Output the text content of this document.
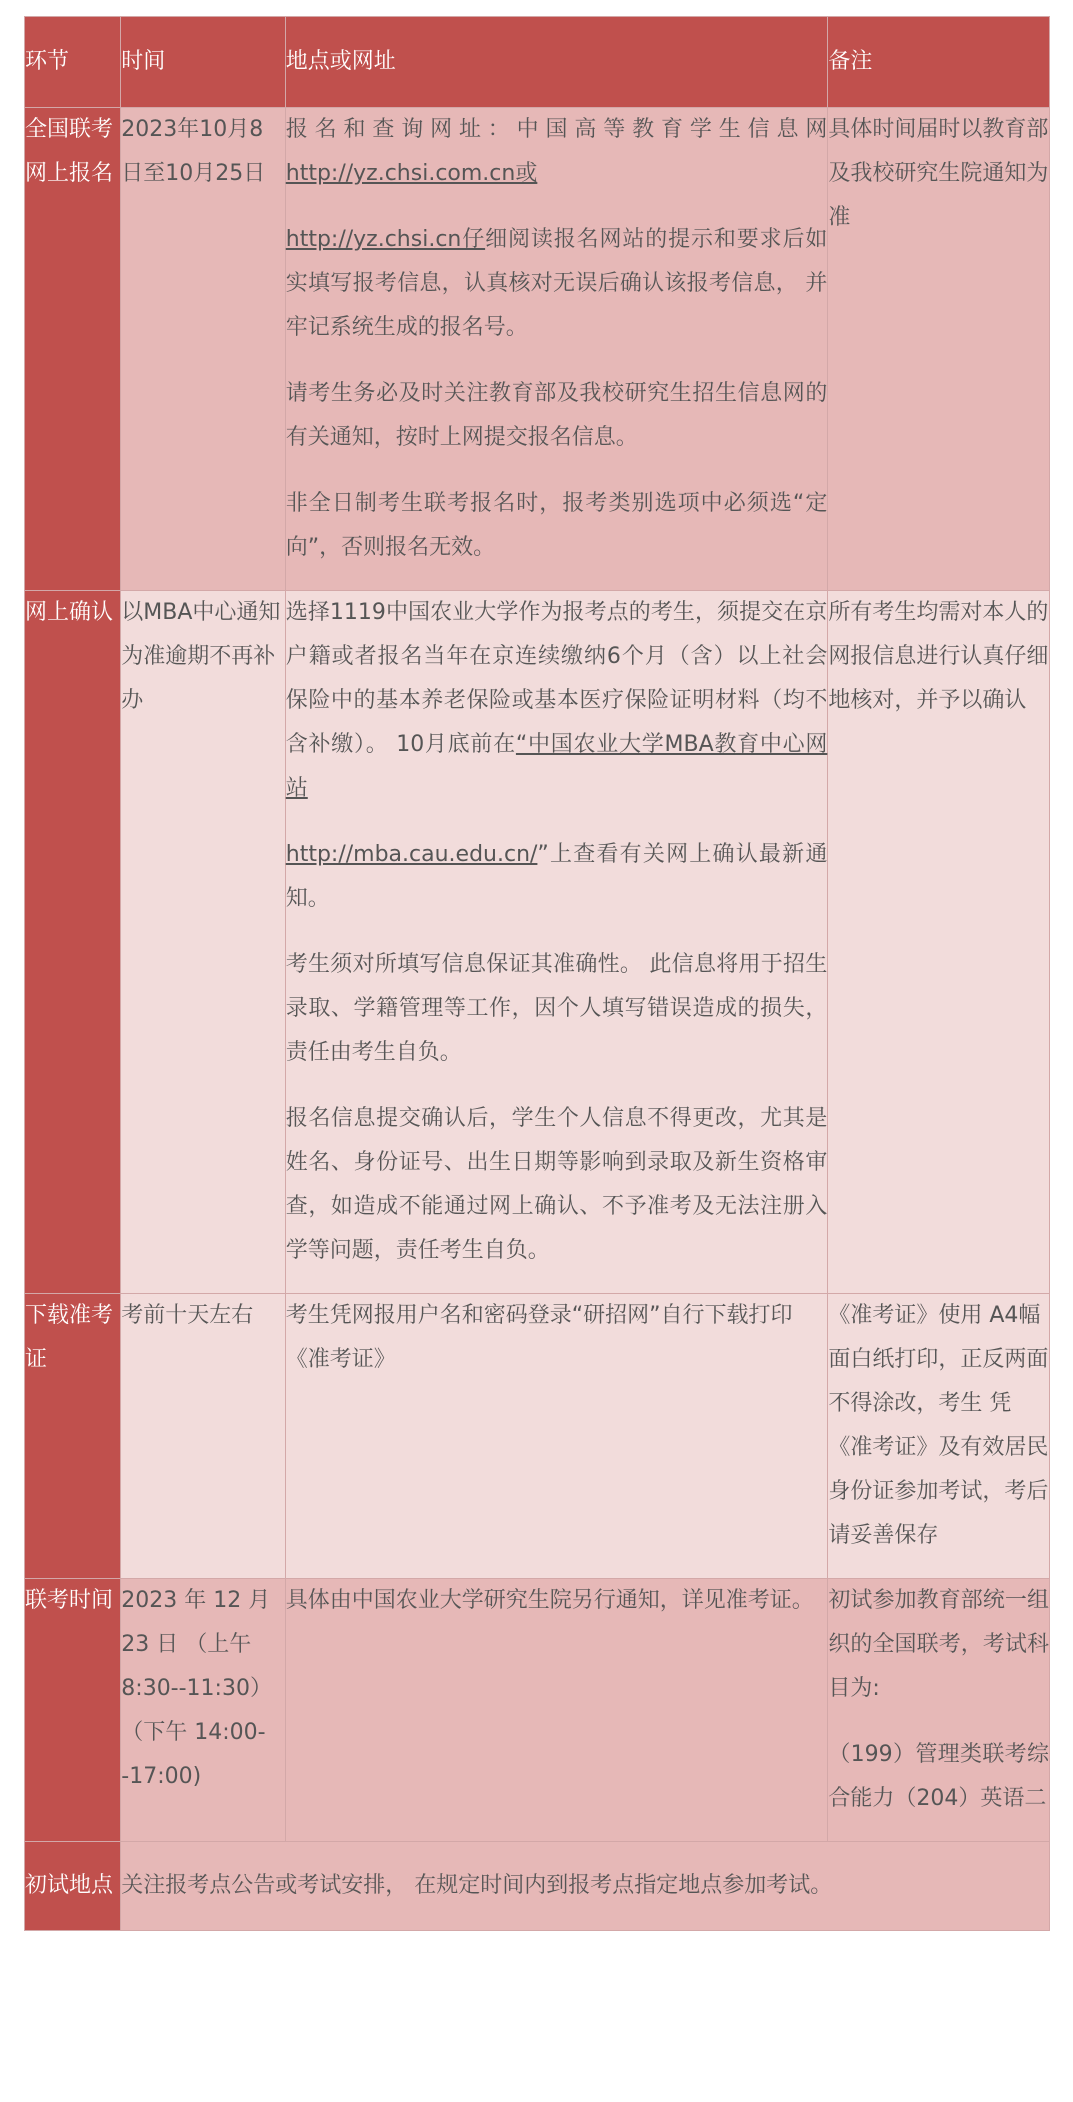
环节	时间	地点或网址	备注
全国联考网上报名	2023年10月8日至10月25日	报名和查询网址：中国高等教育学生信息网http://yz.chsi.com.cn或

http://yz.chsi.cn仔细阅读报名网站的提示和要求后如实填写报考信息，认真核对无误后确认该报考信息， 并牢记系统生成的报名号。

请考生务必及时关注教育部及我校研究生招生信息网的有关通知，按时上网提交报名信息。

非全日制考生联考报名时，报考类别选项中必须选“定向”，否则报名无效。	具体时间届时以教育部及我校研究生院通知为准
网上确认	以MBA中心通知为准逾期不再补办	选择1119中国农业大学作为报考点的考生，须提交在京户籍或者报名当年在京连续缴纳6个月（含）以上社会保险中的基本养老保险或基本医疗保险证明材料（均不含补缴）。 10月底前在“中国农业大学MBA教育中心网站

http://mba.cau.edu.cn/”上查看有关网上确认最新通知。

考生须对所填写信息保证其准确性。 此信息将用于招生录取、学籍管理等工作，因个人填写错误造成的损失，责任由考生自负。

报名信息提交确认后，学生个人信息不得更改，尤其是姓名、身份证号、出生日期等影响到录取及新生资格审查，如造成不能通过网上确认、不予准考及无法注册入学等问题，责任考生自负。	所有考生均需对本人的网报信息进行认真仔细地核对，并予以确认
下载准考证	考前十天左右	考生凭网报用户名和密码登录“研招网”自行下载打印《准考证》	《准考证》使用 A4幅面白纸打印，正反两面不得涂改，考生 凭《准考证》及有效居民身份证参加考试，考后请妥善保存
联考时间	2023 年 12 月 23 日 （上午 8:30--11:30）（下午 14:00--17:00)	具体由中国农业大学研究生院另行通知，详见准考证。	初试参加教育部统一组织的全国联考，考试科目为:

（199）管理类联考综合能力（204）英语二

初试地点	关注报考点公告或考试安排， 在规定时间内到报考点指定地点参加考试。		
